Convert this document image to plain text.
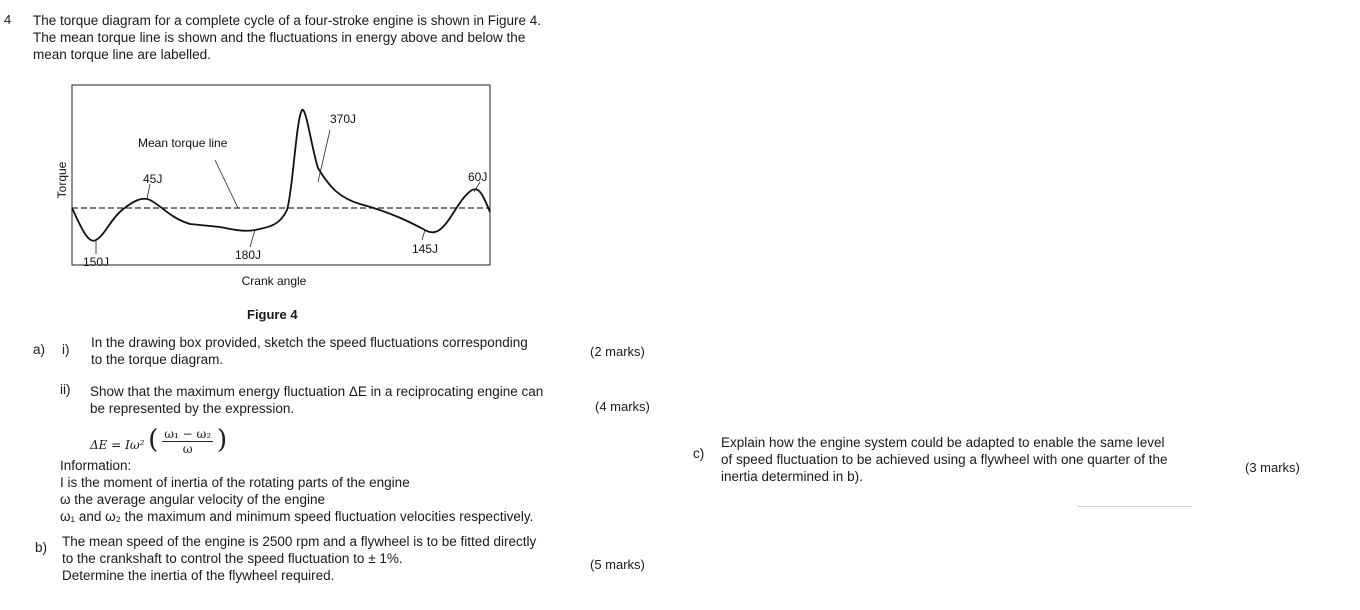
4 The torque diagram for a complete cycle of a four-stroke engine is shown in Figure 4.
The mean torque line is shown and the fluctuations in energy above and below the
mean torque line are labelled.
Torque
Crank angle
Mean torque line
150J
45J
180J
370J
145J
60J
Figure 4
a) i) In the drawing box provided, sketch the speed fluctuations corresponding
to the torque diagram.
(2 marks)
ii) Show that the maximum energy fluctuation ΔE in a reciprocating engine can
be represented by the expression.	(4 marks)
ΔE = Iω² ( $\frac{\text{ω₁ − ω₂}}{\omega}$ )
Information:
I is the moment of inertia of the rotating parts of the engine
ω the average angular velocity of the engine
ω₁ and ω₂ the maximum and minimum speed fluctuation velocities respectively.
b) The mean speed of the engine is 2500 rpm and a flywheel is to be fitted directly
to the crankshaft to control the speed fluctuation to ± 1%.
Determine the inertia of the flywheel required.
(5 marks)
c)
Explain how the engine system could be adapted to enable the same level
of speed fluctuation to be achieved using a flywheel with one quarter of the
inertia determined in b).
(3 marks)
